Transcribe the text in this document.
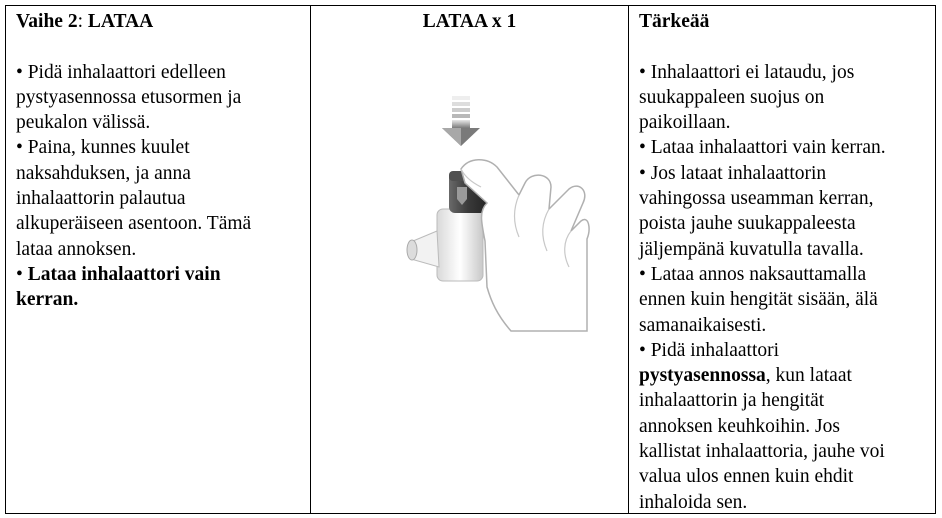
Vaihe 2: LATAA
• Pidä inhalaattori edelleen
pystyasennossa etusormen ja
peukalon välissä.
• Paina, kunnes kuulet
naksahduksen, ja anna
inhalaattorin palautua
alkuperäiseen asentoon. Tämä
lataa annoksen.
• Lataa inhalaattori vain
kerran.
LATAA x 1	Tärkeää
• Inhalaattori ei lataudu, jos
suukappaleen suojus on
paikoillaan.
• Lataa inhalaattori vain kerran.
• Jos lataat inhalaattorin
vahingossa useamman kerran,
poista jauhe suukappaleesta
jäljempänä kuvatulla tavalla.
• Lataa annos naksauttamalla
ennen kuin hengität sisään, älä
samanaikaisesti.
• Pidä inhalaattori
pystyasennossa, kun lataat
inhalaattorin ja hengität
annoksen keuhkoihin. Jos
kallistat inhalaattoria, jauhe voi
valua ulos ennen kuin ehdit
inhaloida sen.
